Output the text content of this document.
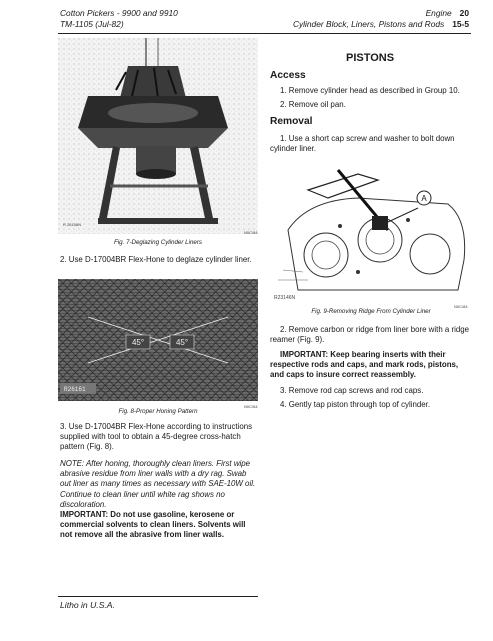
Cotton Pickers - 9900 and 9910
TM-1105 (Jul-82)
Engine 20
Cylinder Block, Liners, Pistons and Rods 15-5
R 26158N
N0C/84
Fig. 7-Deglazing Cylinder Liners
2. Use D-17004BR Flex-Hone to deglaze cylinder liner.
45°	45°
R26161
N0C/84
Fig. 8-Proper Honing Pattern
3. Use D-17004BR Flex-Hone according to instructions supplied with tool to obtain a 45-degree cross-hatch pattern (Fig. 8).
NOTE: After honing, thoroughly clean liners. First wipe abrasive residue from liner walls with a dry rag. Swab out liner as many times as necessary with SAE-10W oil. Continue to clean liner until white rag shows no discoloration.
IMPORTANT: Do not use gasoline, kerosene or commercial solvents to clean liners. Solvents will not remove all the abrasive from liner walls.
PISTONS
Access
1. Remove cylinder head as described in Group 10.
2. Remove oil pan.
Removal
1. Use a short cap screw and washer to bolt down cylinder liner.
A
R23146N
N0C/84
Fig. 9-Removing Ridge From Cylinder Liner
2. Remove carbon or ridge from liner bore with a ridge reamer (Fig. 9).
IMPORTANT: Keep bearing inserts with their respective rods and caps, and mark rods, pistons, and caps to insure correct reassembly.
3. Remove rod cap screws and rod caps.
4. Gently tap piston through top of cylinder.
Litho in U.S.A.
